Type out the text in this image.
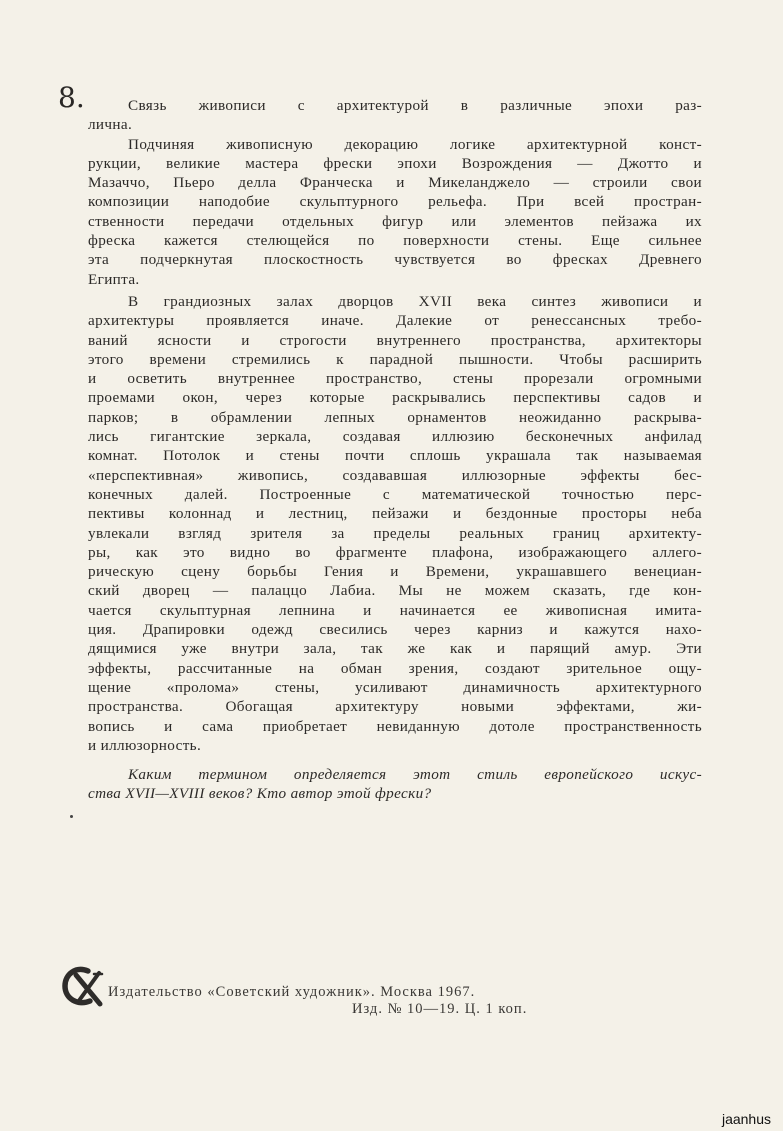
8.	Связь живописи с архитектурой в различные эпохи раз-
лична.
Подчиняя живописную декорацию логике архитектурной конст-
рукции, великие мастера фрески эпохи Возрождения — Джотто и
Мазаччо, Пьеро делла Франческа и Микеланджело — строили свои
композиции наподобие скульптурного рельефа. При всей простран-
ственности передачи отдельных фигур или элементов пейзажа их
фреска кажется стелющейся по поверхности стены. Еще сильнее
эта подчеркнутая плоскостность чувствуется во фресках Древнего
Египта.
В грандиозных залах дворцов XVII века синтез живописи и
архитектуры проявляется иначе. Далекие от ренессансных требо-
ваний ясности и строгости внутреннего пространства, архитекторы
этого времени стремились к парадной пышности. Чтобы расширить
и осветить внутреннее пространство, стены прорезали огромными
проемами окон, через которые раскрывались перспективы садов и
парков; в обрамлении лепных орнаментов неожиданно раскрыва-
лись гигантские зеркала, создавая иллюзию бесконечных анфилад
комнат. Потолок и стены почти сплошь украшала так называемая
«перспективная» живопись, создававшая иллюзорные эффекты бес-
конечных далей. Построенные с математической точностью перс-
пективы колоннад и лестниц, пейзажи и бездонные просторы неба
увлекали взгляд зрителя за пределы реальных границ архитекту-
ры, как это видно во фрагменте плафона, изображающего аллего-
рическую сцену борьбы Гения и Времени, украшавшего венециан-
ский дворец — палаццо Лабиа. Мы не можем сказать, где кон-
чается скульптурная лепнина и начинается ее живописная имита-
ция. Драпировки одежд свесились через карниз и кажутся нахо-
дящимися уже внутри зала, так же как и парящий амур. Эти
эффекты, рассчитанные на обман зрения, создают зрительное ощу-
щение «пролома» стены, усиливают динамичность архитектурного
пространства. Обогащая архитектуру новыми эффектами, жи-
вопись и сама приобретает невиданную дотоле пространственность
и иллюзорность.
Каким термином определяется этот стиль европейского искус-
ства XVII—XVIII веков? Кто автор этой фрески?
Издательство «Советский художник». Москва 1967.
Изд. № 10—19. Ц. 1 коп.
jaanhus
